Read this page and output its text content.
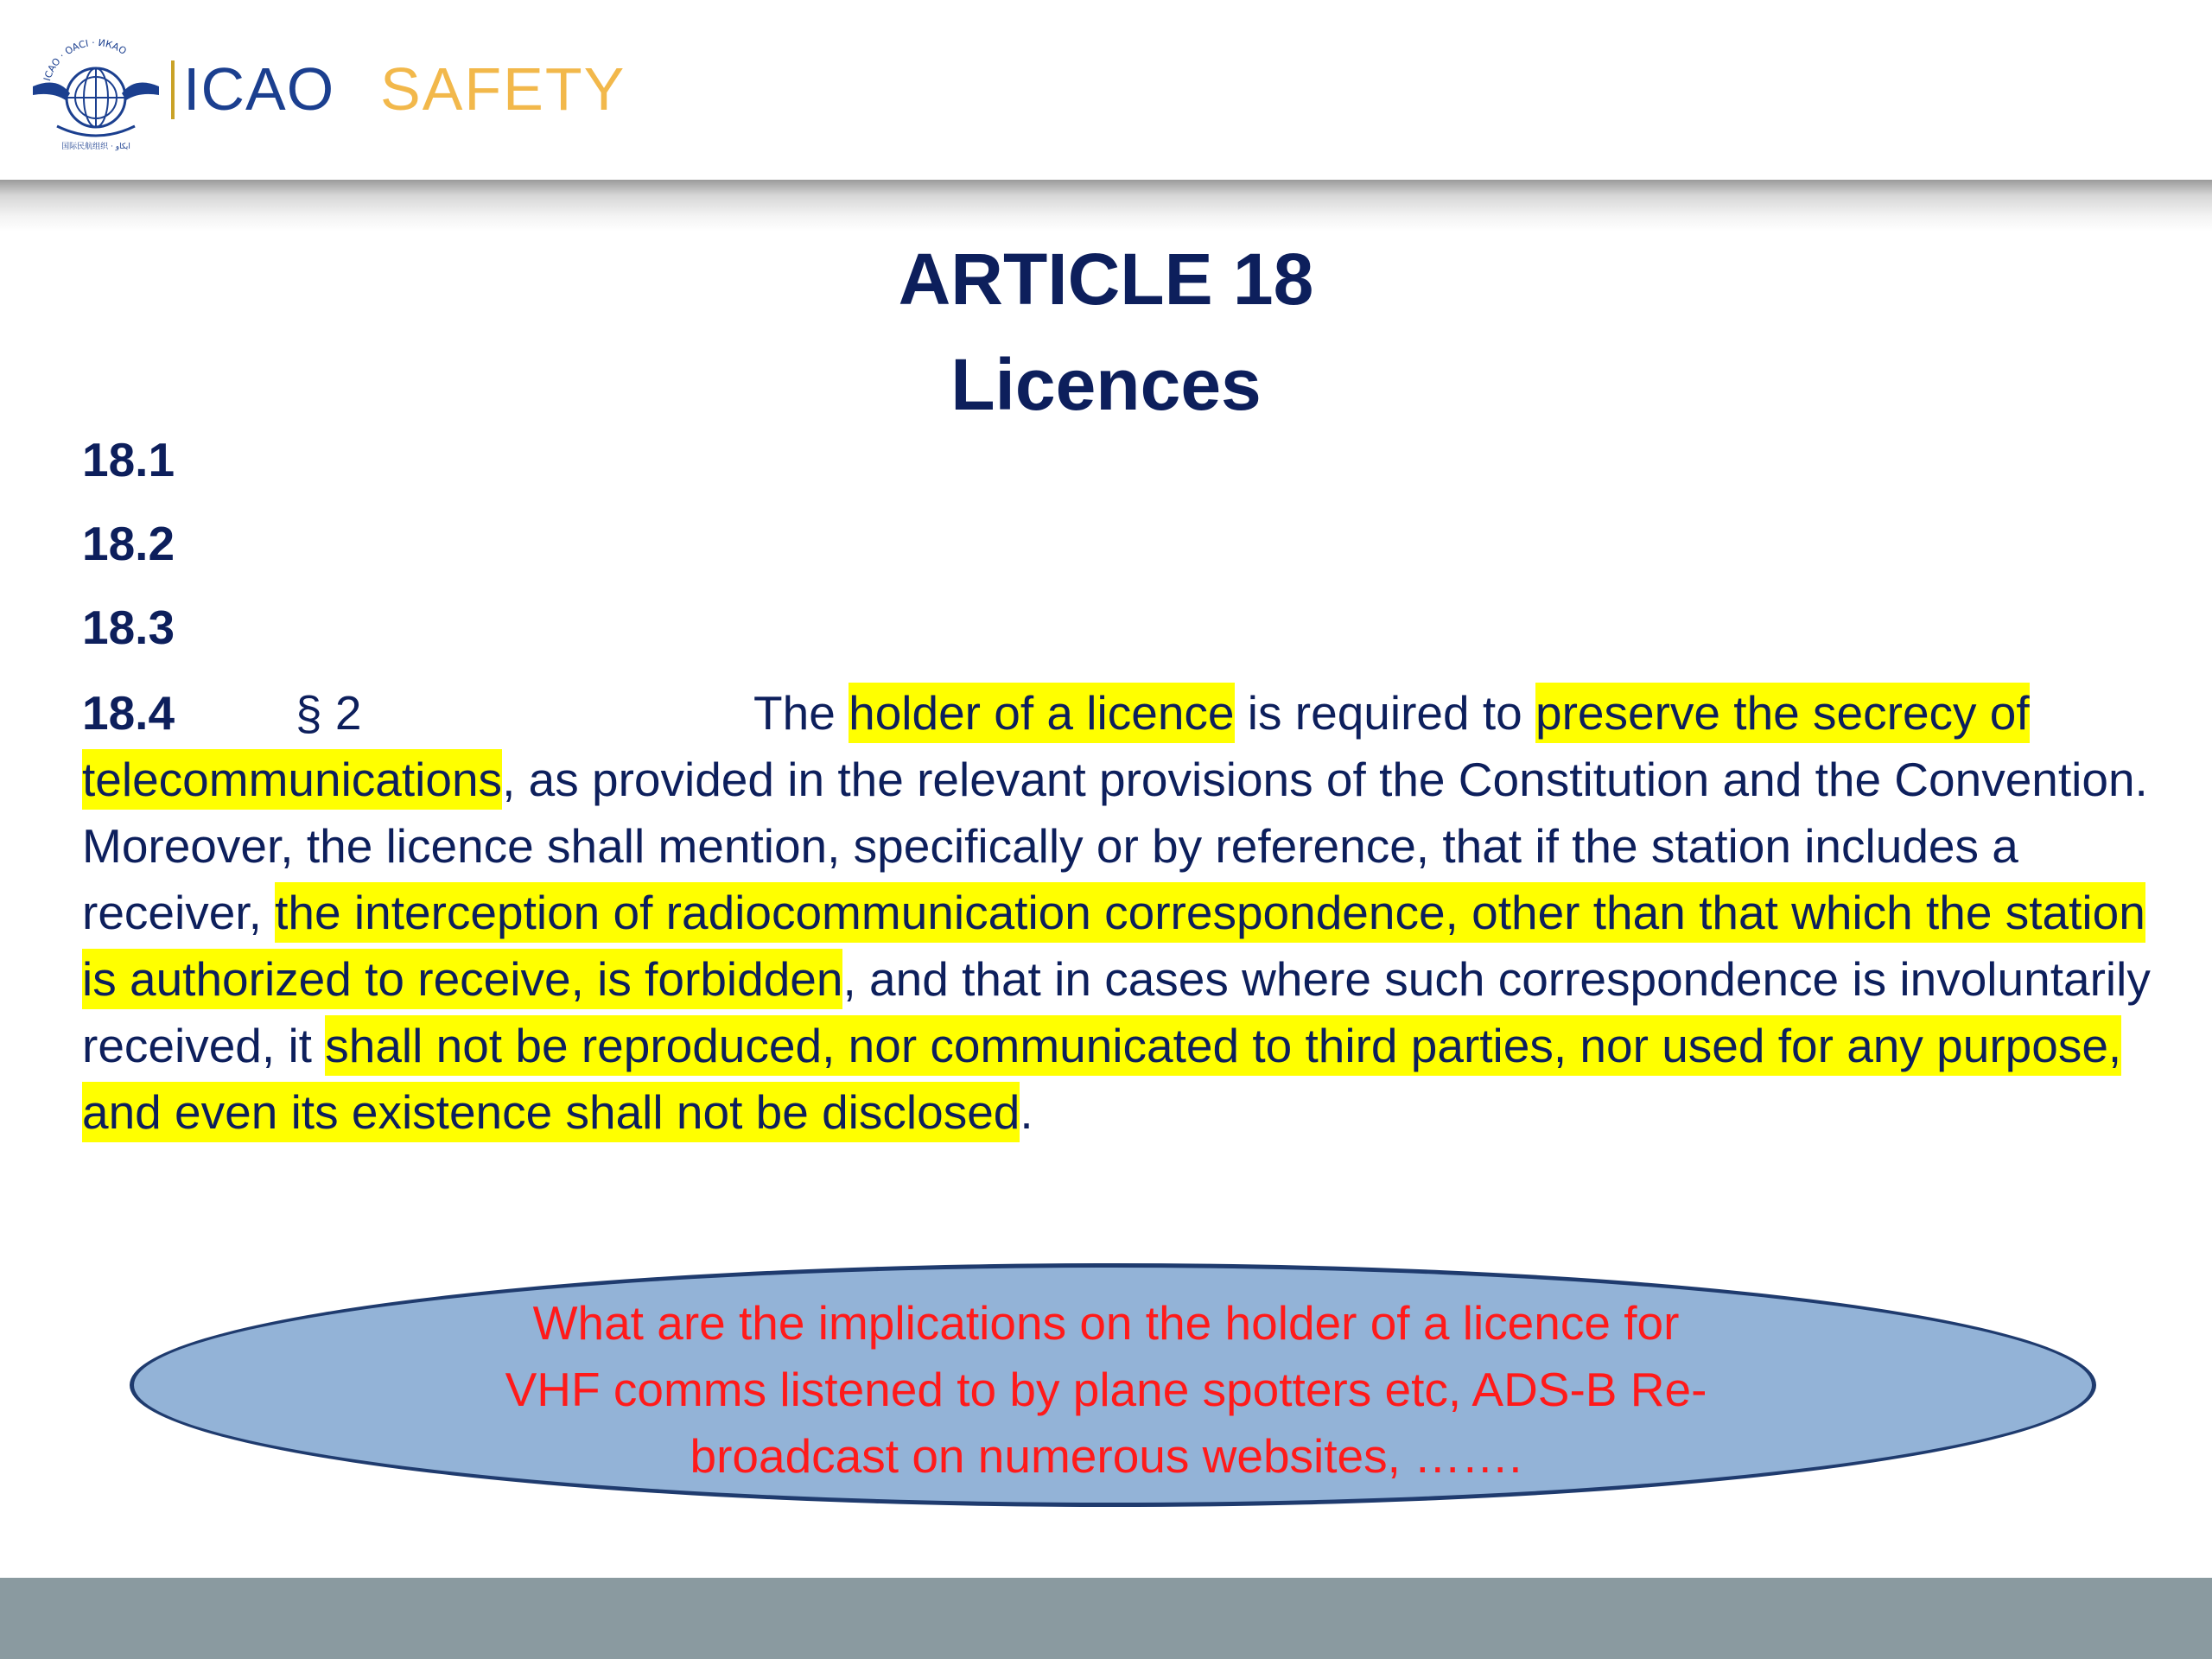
ICAO · OACI · ИКАО
国际民航组织 · ايكاو
ICAO SAFETY
ARTICLE 18
Licences
18.1
18.2
18.3
18.4	§ 2	The holder of a licence is required to preserve the secrecy of telecommunications, as provided in the relevant provisions of the Constitution and the Convention. Moreover, the licence shall mention, specifically or by reference, that if the station includes a receiver, the interception of radiocommunication correspondence, other than that which the station is authorized to receive, is forbidden, and that in cases where such correspondence is involuntarily received, it shall not be reproduced, nor communicated to third parties, nor used for any purpose, and even its existence shall not be disclosed.
What are the implications on the holder of a licence for
VHF comms listened to by plane spotters etc, ADS-B Re-
broadcast on numerous websites, …….
